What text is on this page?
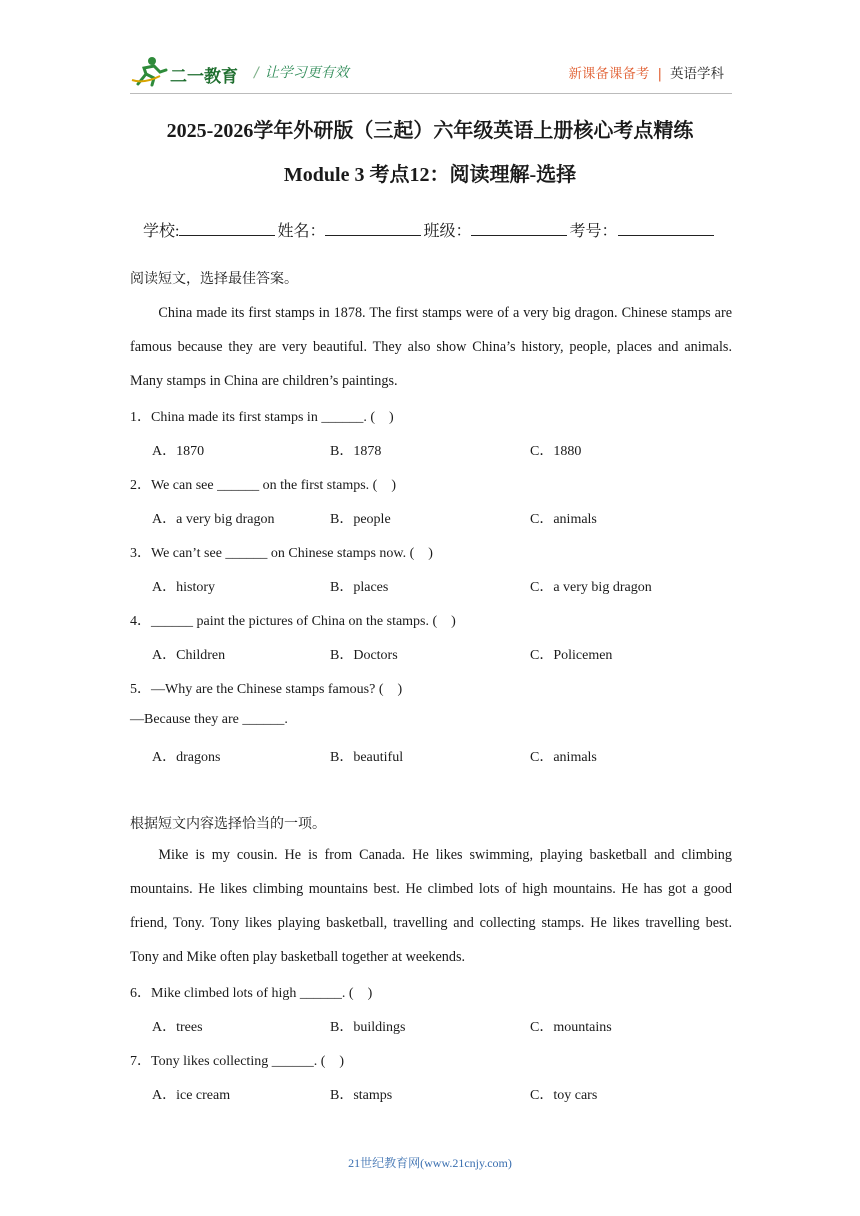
二一教育 / 让学习更有效	新课备课备考 | 英语学科
2025-2026学年外研版（三起）六年级英语上册核心考点精练
Module 3 考点12：阅读理解-选择
学校:	姓名：	班级：	考号：
阅读短文，选择最佳答案。
China made its first stamps in 1878. The first stamps were of a very big dragon. Chinese stamps are famous because they are very beautiful. They also show China’s history, people, places and animals. Many stamps in China are children’s paintings.
1．China made its first stamps in ______. (　)
A．1870	B．1878	C．1880
2．We can see ______ on the first stamps. (　)
A．a very big dragon	B．people	C．animals
3．We can’t see ______ on Chinese stamps now. (　)
A．history	B．places	C．a very big dragon
4．______ paint the pictures of China on the stamps. (　)
A．Children	B．Doctors	C．Policemen
5．—Why are the Chinese stamps famous? (　)
—Because they are ______.
A．dragons	B．beautiful	C．animals
根据短文内容选择恰当的一项。
Mike is my cousin. He is from Canada. He likes swimming, playing basketball and climbing mountains. He likes climbing mountains best. He climbed lots of high mountains. He has got a good friend, Tony. Tony likes playing basketball, travelling and collecting stamps. He likes travelling best. Tony and Mike often play basketball together at weekends.
6．Mike climbed lots of high ______. (　)
A．trees	B．buildings	C．mountains
7．Tony likes collecting ______. (　)
A．ice cream	B．stamps	C．toy cars
21世纪教育网(www.21cnjy.com)
